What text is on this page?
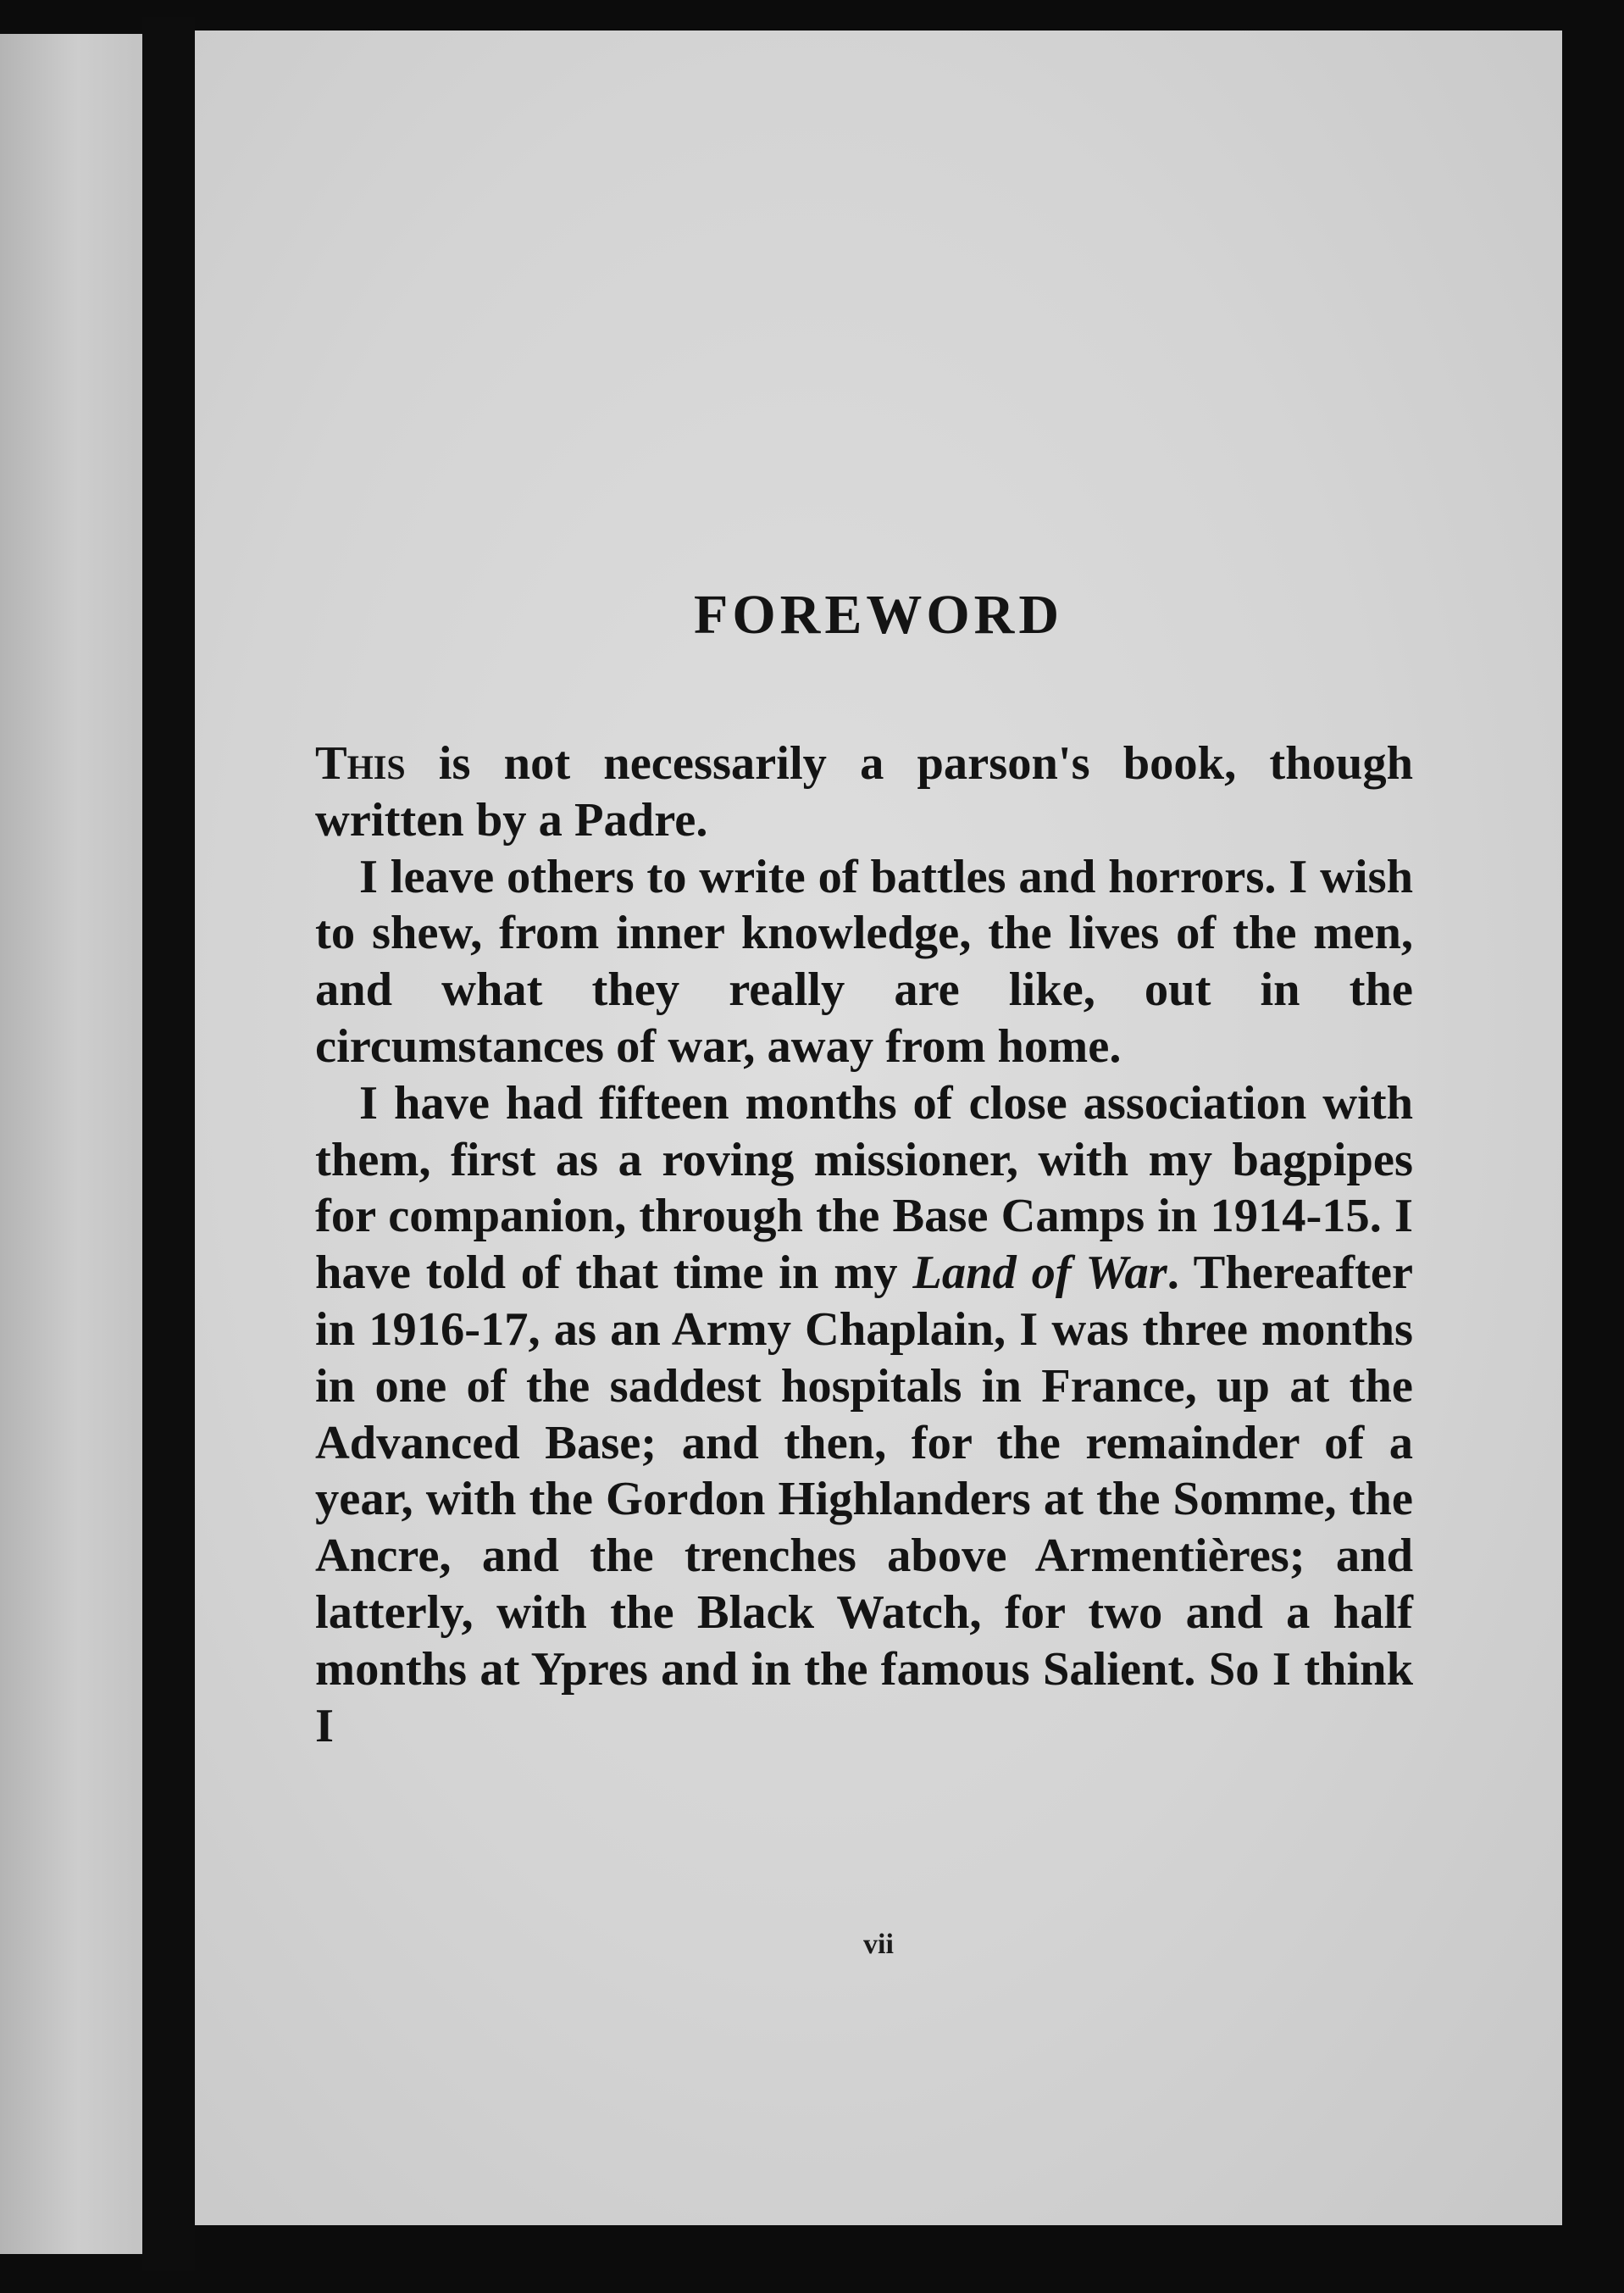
FOREWORD

This is not necessarily a parson's book, though written by a Padre.

I leave others to write of battles and horrors. I wish to shew, from inner knowledge, the lives of the men, and what they really are like, out in the circumstances of war, away from home.

I have had fifteen months of close association with them, first as a roving missioner, with my bagpipes for companion, through the Base Camps in 1914-15. I have told of that time in my Land of War. Thereafter in 1916-17, as an Army Chaplain, I was three months in one of the saddest hospitals in France, up at the Advanced Base; and then, for the remainder of a year, with the Gordon Highlanders at the Somme, the Ancre, and the trenches above Armentières; and latterly, with the Black Watch, for two and a half months at Ypres and in the famous Salient. So I think I

vii
